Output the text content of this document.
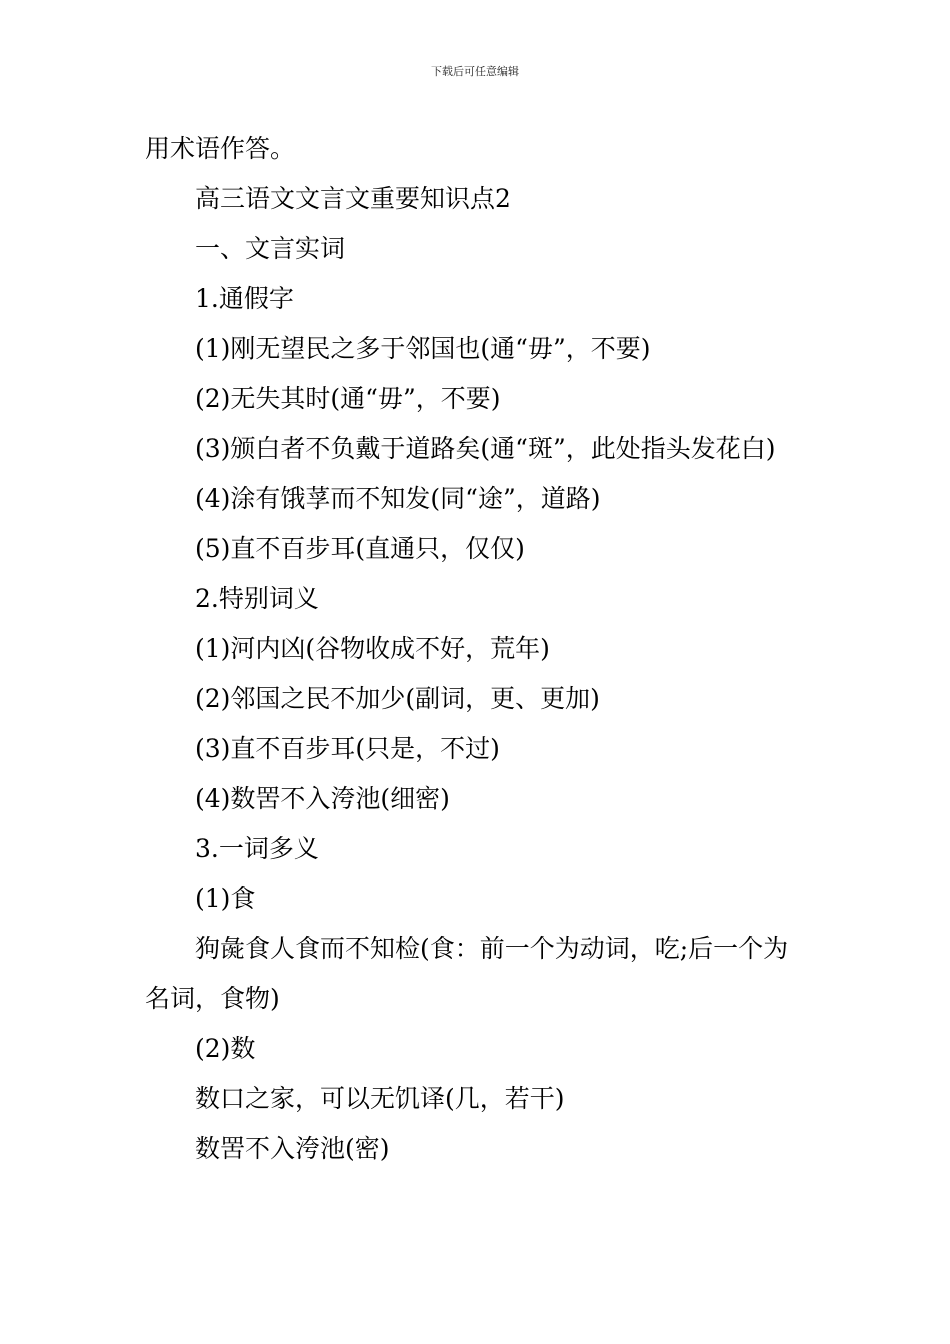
下载后可任意编辑

用术语作答。

高三语文文言文重要知识点2

一、文言实词

1.通假字

(1)刚无望民之多于邻国也(通“毋”，不要)

(2)无失其时(通“毋”，不要)

(3)颁白者不负戴于道路矣(通“斑”，此处指头发花白)

(4)涂有饿莩而不知发(同“途”，道路)

(5)直不百步耳(直通只，仅仅)

2.特别词义

(1)河内凶(谷物收成不好，荒年)

(2)邻国之民不加少(副词，更、更加)

(3)直不百步耳(只是，不过)

(4)数罟不入洿池(细密)

3.一词多义

(1)食

狗彘食人食而不知检(食：前一个为动词，吃;后一个为名词，食物)

(2)数

数口之家，可以无饥译(几，若干)

数罟不入洿池(密)
